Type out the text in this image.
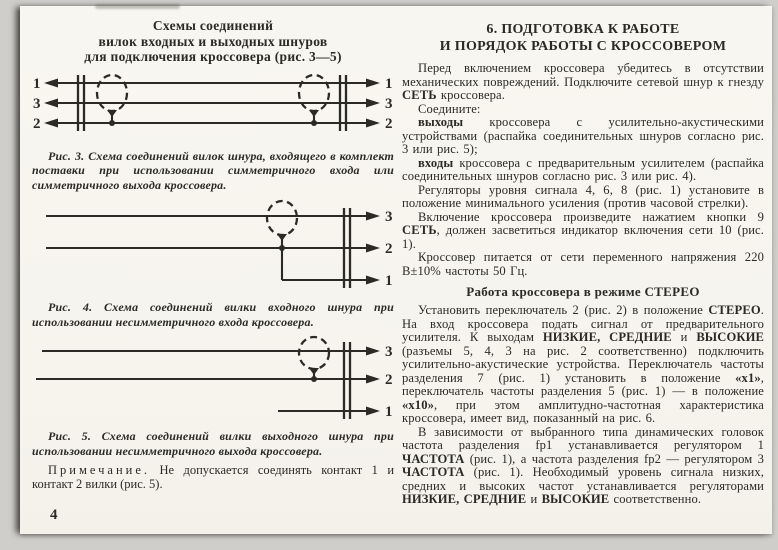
Схемы соединений
вилок входных и выходных шнуров
для подключения кроссовера (рис. 3—5)
1
3
2
1
3
2
Рис. 3. Схема соединений вилок шнура, входящего в комплект поставки при использовании симметричного входа или симметричного выхода кроссовера.
3
2
1
Рис. 4. Схема соединений вилки входного шнура при использовании несимметричного входа кроссовера.
3
2
1
Рис. 5. Схема соединений вилки выходного шнура при использовании несимметричного выхода кроссовера.
Примечание. Не допускается соединять контакт 1 и контакт 2 вилки (рис. 5).
6. ПОДГОТОВКА К РАБОТЕ
И ПОРЯДОК РАБОТЫ С КРОССОВЕРОМ

Перед включением кроссовера убедитесь в отсутствии механических повреждений. Подключите сетевой шнур к гнезду СЕТЬ кроссовера.

Соедините:

выходы кроссовера с усилительно-акустическими устройствами (распайка соединительных шнуров согласно рис. 3 или рис. 5);

входы кроссовера с предварительным усилителем (распайка соединительных шнуров согласно рис. 3 или рис. 4).

Регуляторы уровня сигнала 4, 6, 8 (рис. 1) установите в положение минимального усиления (против часовой стрелки).

Включение кроссовера произведите нажатием кнопки 9 СЕТЬ, должен засветиться индикатор включения сети 10 (рис. 1).

Кроссовер питается от сети переменного напряжения 220 В±10% частоты 50 Гц.

Работа кроссовера в режиме СТЕРЕО

Установить переключатель 2 (рис. 2) в положение СТЕРЕО. На вход кроссовера подать сигнал от предварительного усилителя. К выходам НИЗКИЕ, СРЕДНИЕ и ВЫСОКИЕ (разъемы 5, 4, 3 на рис. 2 соответственно) подключить усилительно-акустические устройства. Переключатель частоты разделения 7 (рис. 1) установить в положение «x1», переключатель частоты разделения 5 (рис. 1) — в положение «x10», при этом амплитудно-частотная характеристика кроссовера, имеет вид, показанный на рис. 6.

В зависимости от выбранного типа динамических головок частота разделения fp1 устанавливается регулятором 1 ЧАСТОТА (рис. 1), а частота разделения fp2 — регулятором 3 ЧАСТОТА (рис. 1). Необходимый уровень сигнала низких, средних и высоких частот устанавливается регуляторами НИЗКИЕ, СРЕДНИЕ и ВЫСОКИЕ соответственно.

4
